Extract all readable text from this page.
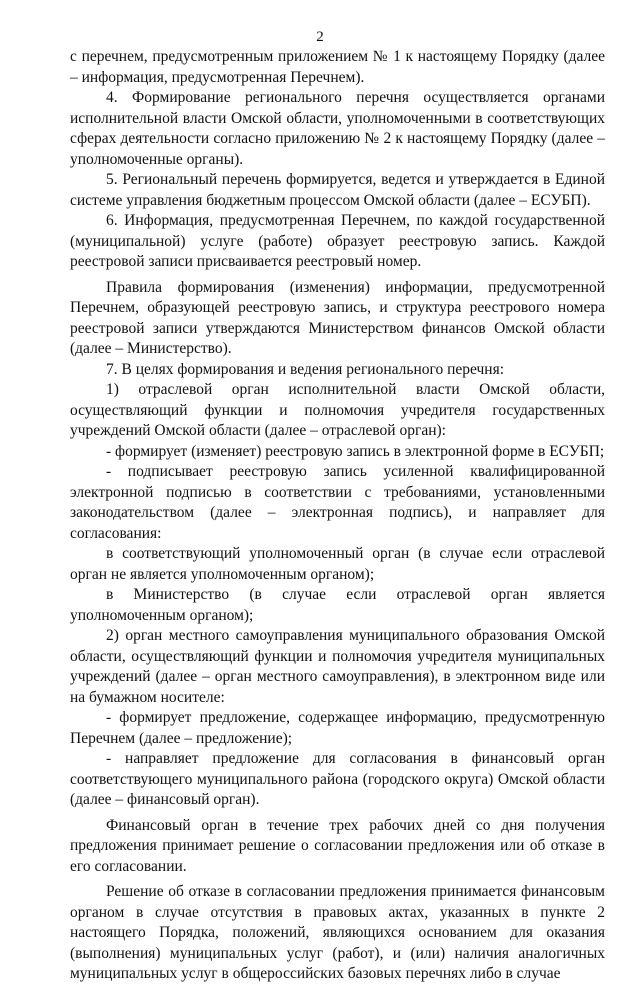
2

с перечнем, предусмотренным приложением № 1 к настоящему Порядку (далее – информация, предусмотренная Перечнем).

4. Формирование регионального перечня осуществляется органами исполнительной власти Омской области, уполномоченными в соответствующих сферах деятельности согласно приложению № 2 к настоящему Порядку (далее – уполномоченные органы).

5. Региональный перечень формируется, ведется и утверждается в Единой системе управления бюджетным процессом Омской области (далее – ЕСУБП).

6. Информация, предусмотренная Перечнем, по каждой государственной (муниципальной) услуге (работе) образует реестровую запись. Каждой реестровой записи присваивается реестровый номер.

Правила формирования (изменения) информации, предусмотренной Перечнем, образующей реестровую запись, и структура реестрового номера реестровой записи утверждаются Министерством финансов Омской области (далее – Министерство).

7. В целях формирования и ведения регионального перечня:

1) отраслевой орган исполнительной власти Омской области, осуществляющий функции и полномочия учредителя государственных учреждений Омской области (далее – отраслевой орган):

- формирует (изменяет) реестровую запись в электронной форме в ЕСУБП;

- подписывает реестровую запись усиленной квалифицированной электронной подписью в соответствии с требованиями, установленными законодательством (далее – электронная подпись), и направляет для согласования:

в соответствующий уполномоченный орган (в случае если отраслевой орган не является уполномоченным органом);

в Министерство (в случае если отраслевой орган является уполномоченным органом);

2) орган местного самоуправления муниципального образования Омской области, осуществляющий функции и полномочия учредителя муниципальных учреждений (далее – орган местного самоуправления), в электронном виде или на бумажном носителе:

- формирует предложение, содержащее информацию, предусмотренную Перечнем (далее – предложение);

- направляет предложение для согласования в финансовый орган соответствующего муниципального района (городского округа) Омской области (далее – финансовый орган).

Финансовый орган в течение трех рабочих дней со дня получения предложения принимает решение о согласовании предложения или об отказе в его согласовании.

Решение об отказе в согласовании предложения принимается финансовым органом в случае отсутствия в правовых актах, указанных в пункте 2 настоящего Порядка, положений, являющихся основанием для оказания (выполнения) муниципальных услуг (работ), и (или) наличия аналогичных муниципальных услуг в общероссийских базовых перечнях либо в случае
